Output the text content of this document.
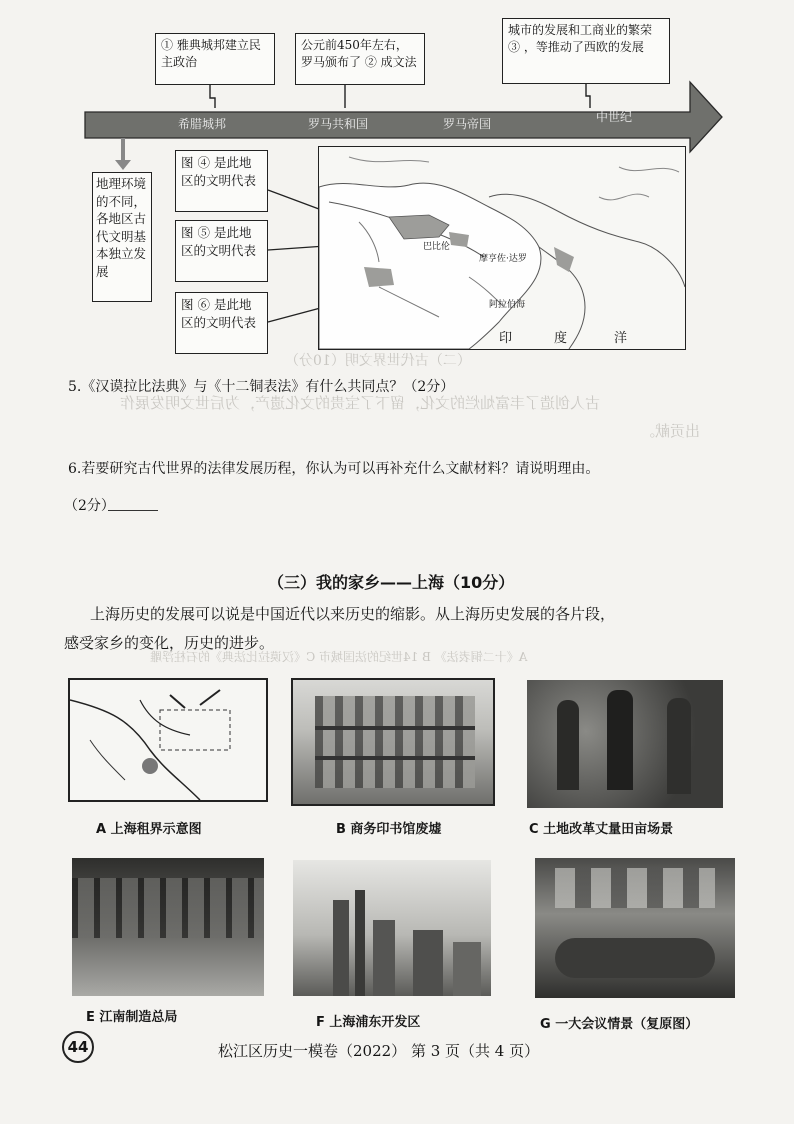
（二）古代世界文明（10分）
古人创造了丰富灿烂的文化，留下了宝贵的文化遗产，为后世文明发展作
出贡献。
A《十二铜表法》 B 14世纪的法国城市 C《汉谟拉比法典》的石柱浮雕
① 雅典城邦建立民主政治
公元前450年左右，罗马颁布了 ② 成文法
城市的发展和工商业的繁荣 ③ ，等推动了西欧的发展
希腊城邦	罗马共和国	罗马帝国	中世纪
地理环境的不同，各地区古代文明基本独立发展
图 ④ 是此地区的文明代表
图 ⑤ 是此地区的文明代表
图 ⑥ 是此地区的文明代表
巴比伦
摩亨佐·达罗
阿拉伯海
印	度	洋
5.《汉谟拉比法典》与《十二铜表法》有什么共同点？（2分）
6.若要研究古代世界的法律发展历程，你认为可以再补充什么文献材料？请说明理由。
（2分）
（三）我的家乡——上海（10分）
上海历史的发展可以说是中国近代以来历史的缩影。从上海历史发展的各片段，
感受家乡的变化，历史的进步。
A 上海租界示意图	B 商务印书馆废墟	C 土地改革丈量田亩场景
E 江南制造总局	F 上海浦东开发区	G 一大会议情景（复原图）
44	松江区历史一模卷（2022） 第 3 页（共 4 页）
